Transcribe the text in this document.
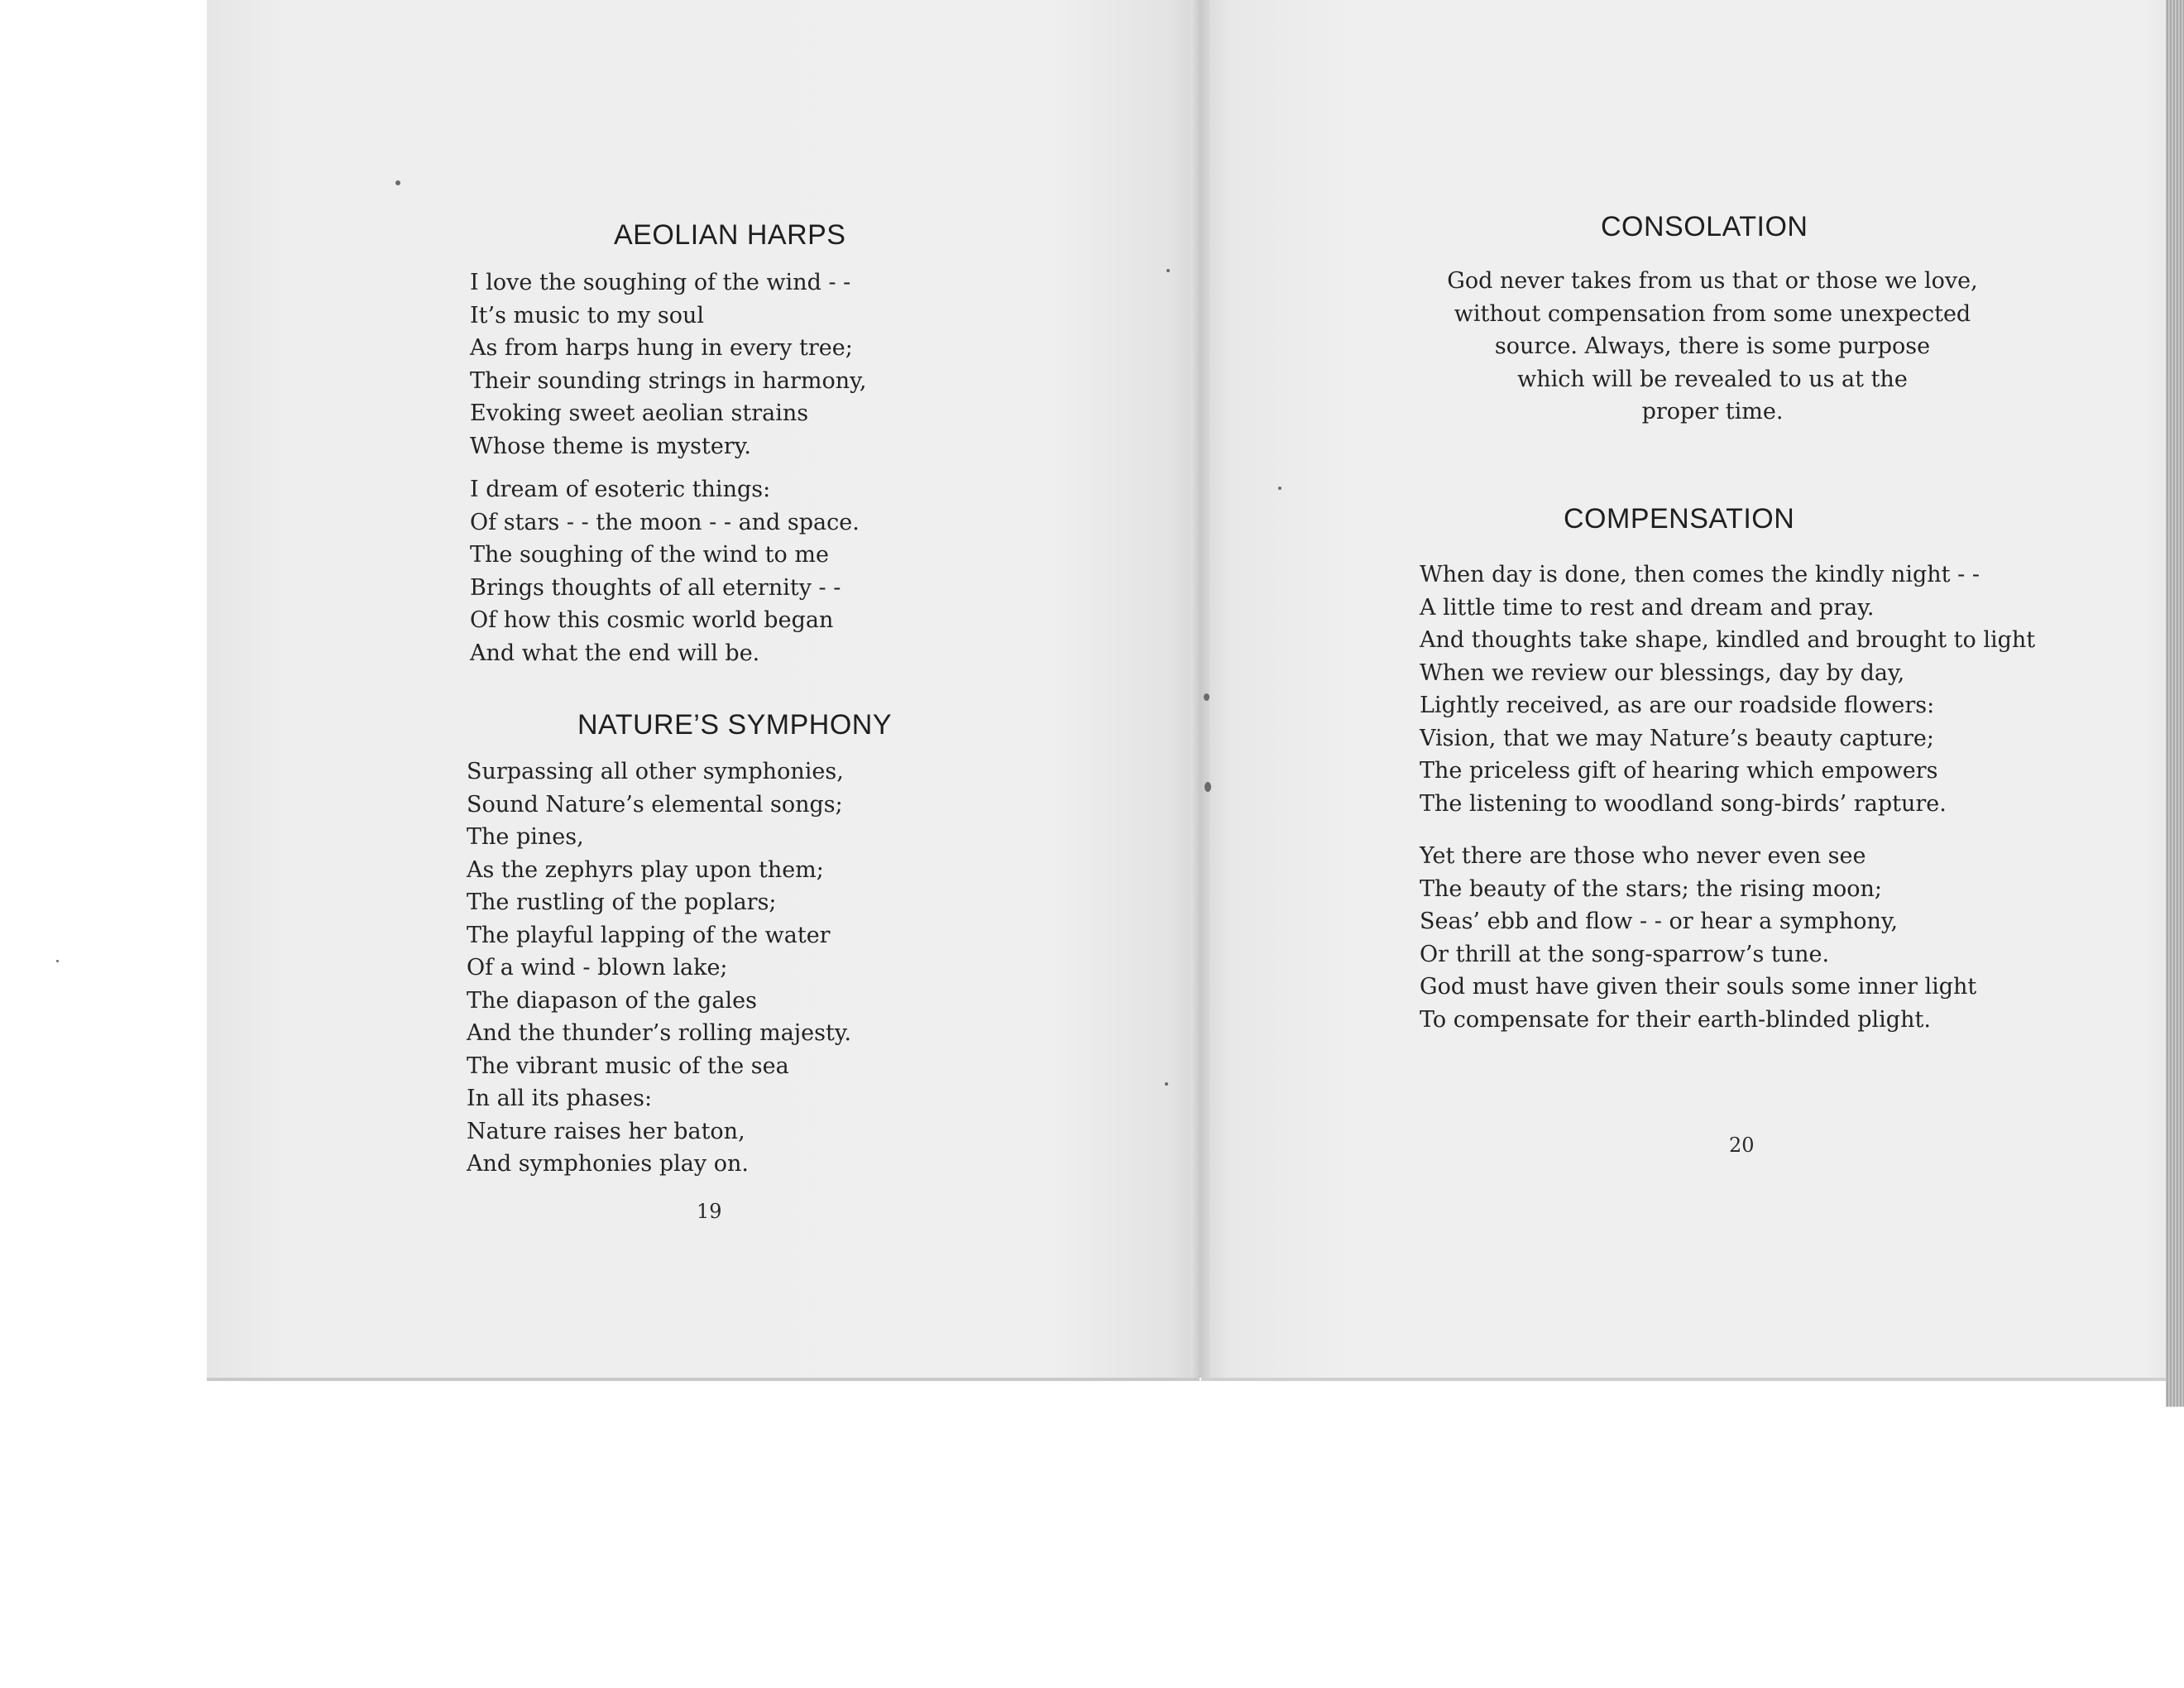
AEOLIAN HARPS
I love the soughing of the wind - -
It’s music to my soul
As from harps hung in every tree;
Their sounding strings in harmony,
Evoking sweet aeolian strains
Whose theme is mystery.
I dream of esoteric things:
Of stars - - the moon - - and space.
The soughing of the wind to me
Brings thoughts of all eternity - -
Of how this cosmic world began
And what the end will be.
NATURE’S SYMPHONY
Surpassing all other symphonies,
Sound Nature’s elemental songs;
The pines,
As the zephyrs play upon them;
The rustling of the poplars;
The playful lapping of the water
Of a wind - blown lake;
The diapason of the gales
And the thunder’s rolling majesty.
The vibrant music of the sea
In all its phases:
Nature raises her baton,
And symphonies play on.
19
CONSOLATION
God never takes from us that or those we love,
without compensation from some unexpected
source. Always, there is some purpose
which will be revealed to us at the
proper time.
COMPENSATION
When day is done, then comes the kindly night - -
A little time to rest and dream and pray.
And thoughts take shape, kindled and brought to light
When we review our blessings, day by day,
Lightly received, as are our roadside flowers:
Vision, that we may Nature’s beauty capture;
The priceless gift of hearing which empowers
The listening to woodland song-birds’ rapture.
Yet there are those who never even see
The beauty of the stars; the rising moon;
Seas’ ebb and flow - - or hear a symphony,
Or thrill at the song-sparrow’s tune.
God must have given their souls some inner light
To compensate for their earth-blinded plight.
20
